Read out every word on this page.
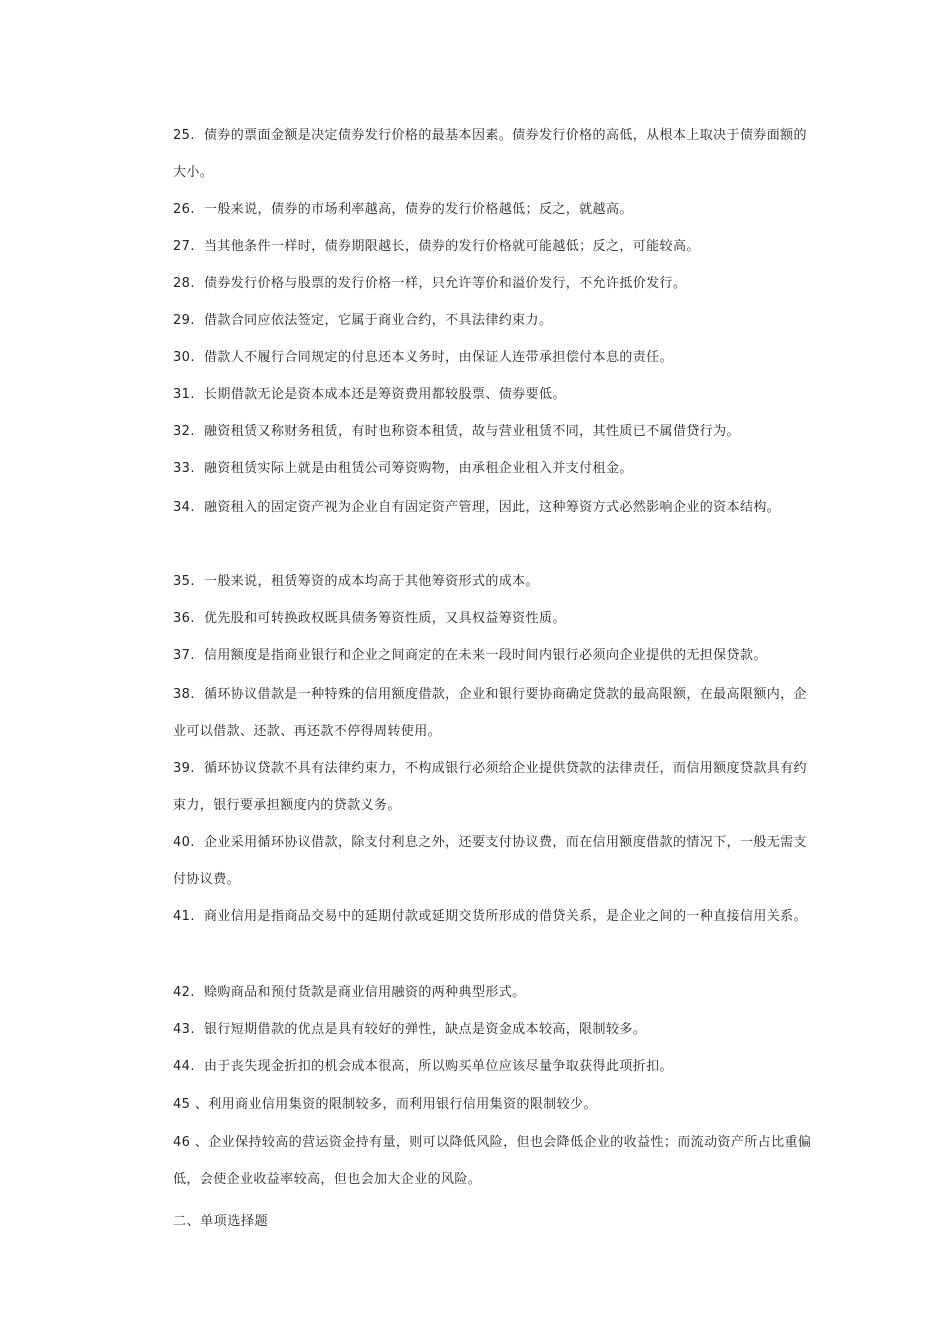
25.  债券的票面金额是决定债券发行价格的最基本因素。债券发行价格的高低，从根本上取决于债券面额的大小。
26.  一般来说，债券的市场利率越高，债券的发行价格越低；反之，就越高。
27.  当其他条件一样时，债券期限越长，债券的发行价格就可能越低；反之，可能较高。
28.  债券发行价格与股票的发行价格一样，只允许等价和溢价发行，不允许抵价发行。
29.  借款合同应依法签定，它属于商业合约，不具法律约束力。
30.  借款人不履行合同规定的付息还本义务时，由保证人连带承担偿付本息的责任。
31.  长期借款无论是资本成本还是筹资费用都较股票、债券要低。
32.  融资租赁又称财务租赁，有时也称资本租赁，故与营业租赁不同，其性质已不属借贷行为。
33.  融资租赁实际上就是由租赁公司筹资购物，由承租企业租入并支付租金。
34.  融资租入的固定资产视为企业自有固定资产管理，因此，这种筹资方式必然影响企业的资本结构。
35.  一般来说，租赁筹资的成本均高于其他筹资形式的成本。
36.  优先股和可转换政权既具债务筹资性质，又具权益筹资性质。
37.  信用额度是指商业银行和企业之间商定的在未来一段时间内银行必须向企业提供的无担保贷款。
38.  循环协议借款是一种特殊的信用额度借款，企业和银行要协商确定贷款的最高限额，在最高限额内，企业可以借款、还款、再还款不停得周转使用。
39.  循环协议贷款不具有法律约束力，不构成银行必须给企业提供贷款的法律责任，而信用额度贷款具有约束力，银行要承担额度内的贷款义务。
40.  企业采用循环协议借款，除支付利息之外，还要支付协议费，而在信用额度借款的情况下，一般无需支付协议费。
41.  商业信用是指商品交易中的延期付款或延期交货所形成的借贷关系，是企业之间的一种直接信用关系。
42.  赊购商品和预付货款是商业信用融资的两种典型形式。
43.  银行短期借款的优点是具有较好的弹性，缺点是资金成本较高，限制较多。
44.  由于丧失现金折扣的机会成本很高，所以购买单位应该尽量争取获得此项折扣。
45 、利用商业信用集资的限制较多，而利用银行信用集资的限制较少。
46 、企业保持较高的营运资金持有量，则可以降低风险，但也会降低企业的收益性；而流动资产所占比重偏低，会使企业收益率较高，但也会加大企业的风险。
二、单项选择题
